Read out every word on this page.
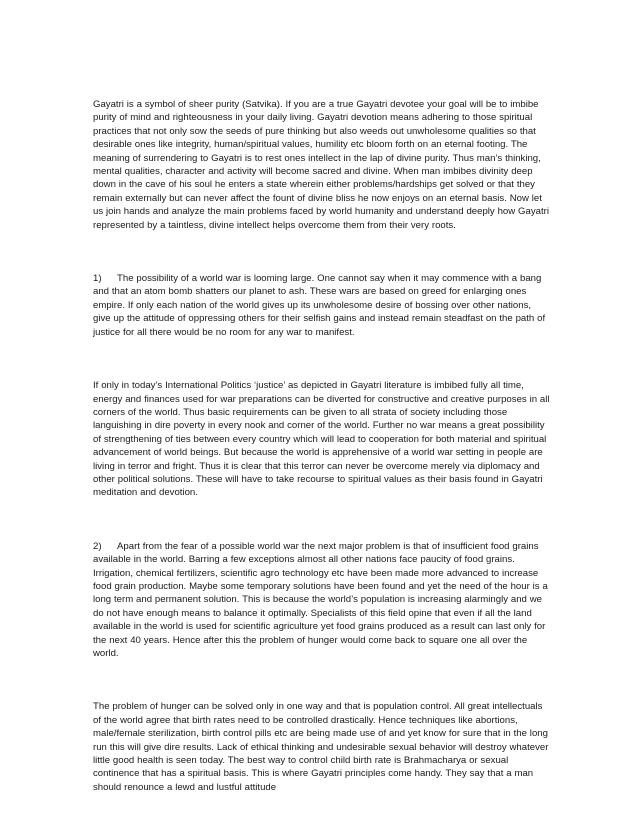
Gayatri is a symbol of sheer purity (Satvika). If you are a true Gayatri devotee your goal will be to imbibe purity of mind and righteousness in your daily living. Gayatri devotion means adhering to those spiritual practices that not only sow the seeds of pure thinking but also weeds out unwholesome qualities so that desirable ones like integrity, human/spiritual values, humility etc bloom forth on an eternal footing. The meaning of surrendering to Gayatri is to rest ones intellect in the lap of divine purity. Thus man’s thinking, mental qualities, character and activity will become sacred and divine. When man imbibes divinity deep down in the cave of his soul he enters a state wherein either problems/hardships get solved or that they remain externally but can never affect the fount of divine bliss he now enjoys on an eternal basis. Now let us join hands and analyze the main problems faced by world humanity and understand deeply how Gayatri represented by a taintless, divine intellect helps overcome them from their very roots.

1) The possibility of a world war is looming large. One cannot say when it may commence with a bang and that an atom bomb shatters our planet to ash. These wars are based on greed for enlarging ones empire. If only each nation of the world gives up its unwholesome desire of bossing over other nations, give up the attitude of oppressing others for their selfish gains and instead remain steadfast on the path of justice for all there would be no room for any war to manifest.

If only in today’s International Politics ‘justice’ as depicted in Gayatri literature is imbibed fully all time, energy and finances used for war preparations can be diverted for constructive and creative purposes in all corners of the world. Thus basic requirements can be given to all strata of society including those languishing in dire poverty in every nook and corner of the world. Further no war means a great possibility of strengthening of ties between every country which will lead to cooperation for both material and spiritual advancement of world beings. But because the world is apprehensive of a world war setting in people are living in terror and fright. Thus it is clear that this terror can never be overcome merely via diplomacy and other political solutions. These will have to take recourse to spiritual values as their basis found in Gayatri meditation and devotion.

2) Apart from the fear of a possible world war the next major problem is that of insufficient food grains available in the world. Barring a few exceptions almost all other nations face paucity of food grains. Irrigation, chemical fertilizers, scientific agro technology etc have been made more advanced to increase food grain production. Maybe some temporary solutions have been found and yet the need of the hour is a long term and permanent solution. This is because the world’s population is increasing alarmingly and we do not have enough means to balance it optimally. Specialists of this field opine that even if all the land available in the world is used for scientific agriculture yet food grains produced as a result can last only for the next 40 years. Hence after this the problem of hunger would come back to square one all over the world.

The problem of hunger can be solved only in one way and that is population control. All great intellectuals of the world agree that birth rates need to be controlled drastically. Hence techniques like abortions, male/female sterilization, birth control pills etc are being made use of and yet know for sure that in the long run this will give dire results. Lack of ethical thinking and undesirable sexual behavior will destroy whatever little good health is seen today. The best way to control child birth rate is Brahmacharya or sexual continence that has a spiritual basis. This is where Gayatri principles come handy. They say that a man should renounce a lewd and lustful attitude
